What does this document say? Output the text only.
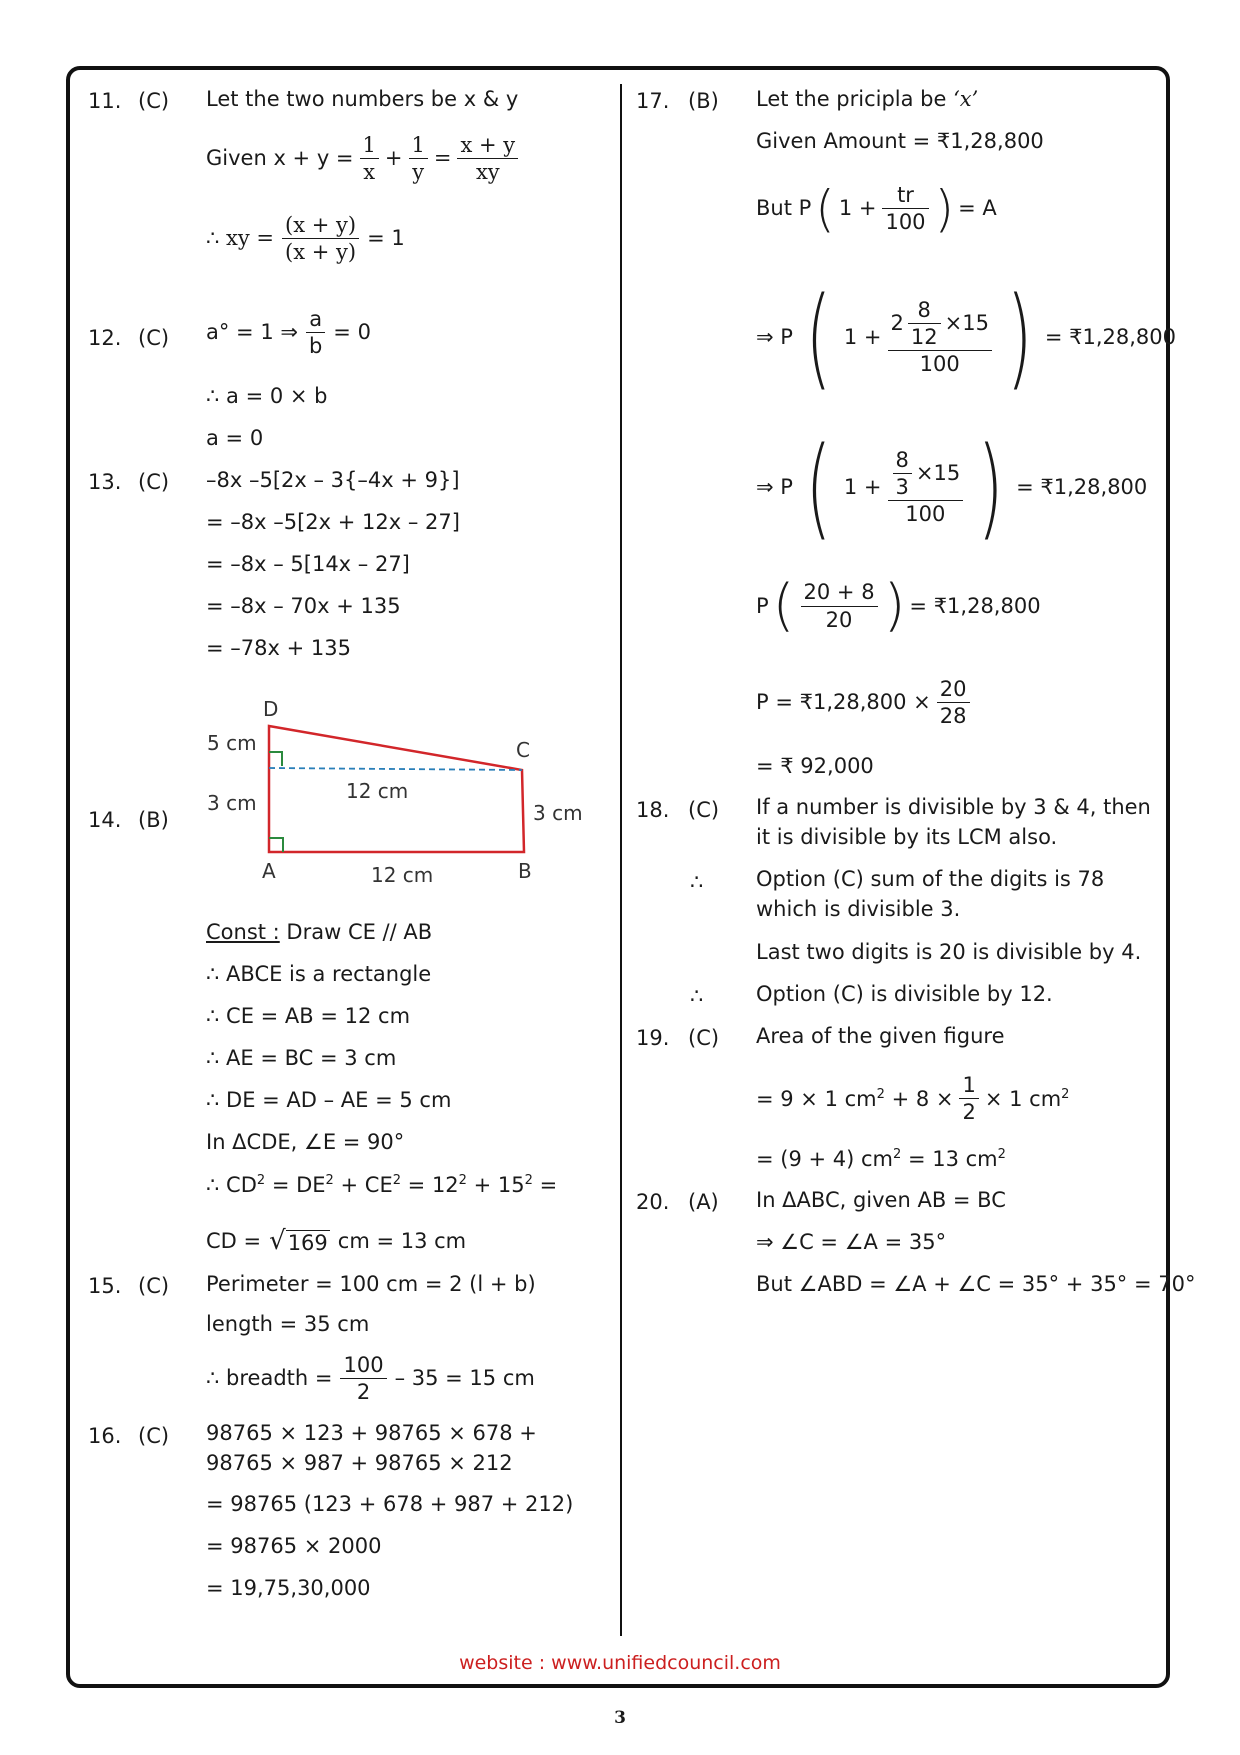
11. (C) Let the two numbers be x & y
Given $x + y = \frac{1}{x} + \frac{1}{y} = \frac{x + y}{xy}$
∴ xy = $\frac{(x + y)}{(x + y)} = 1$
12. (C) a° = 1 ⇒ $\frac{a}{b} = 0$
∴ a = 0 × b
a = 0
13. (C) –8x –5[2x – 3{–4x + 9}]
= –8x –5[2x + 12x – 27]
= –8x – 5[14x – 27]
= –8x – 70x + 135
= –78x + 135
14. (B)
D
C
A	B
5 cm
3 cm	12 cm
12 cm
3 cm
Const : Draw CE // AB
∴ ABCE is a rectangle
∴ CE = AB = 12 cm
∴ AE = BC = 3 cm
∴ DE = AD – AE = 5 cm
In ΔCDE, ∠E = 90°
∴ $CD^2 = DE^2 + CE^2 = 12^2 + 15^2$ =
CD = √ 169 cm = 13 cm
15. (C) Perimeter = 100 cm = 2 (l + b)
length = 35 cm
∴ breadth = $\frac{100}{2} - 35 = 15$ cm
16. (C) 98765 × 123 + 98765 × 678 + 98765 × 987 + 98765 × 212
= 98765 (123 + 678 + 987 + 212)
= 98765 × 2000
= 19,75,30,000
17. (B) Let the pricipla be ‘x’
Given Amount = ₹1,28,800
But P ( $1 + \frac{tr}{100}$ ) = A
⇒ P ( $1 + \frac{2 \frac{8}{12} \times 15}{100}$ ) = ₹1,28,800
⇒ P ( $1 + \frac{\frac{8}{3} \times 15}{100}$ ) = ₹1,28,800
P ( $\frac{20 + 8}{20}$ ) = ₹1,28,800
P = ₹1,28,800 × $\frac{20}{28}$
= ₹ 92,000
18. (C) If a number is divisible by 3 & 4, then it is divisible by its LCM also.
∴	Option (C) sum of the digits is 78 which is divisible 3.
Last two digits is 20 is divisible by 4.
∴	Option (C) is divisible by 12.
19. (C) Area of the given figure
= 9 × 1 $cm^2 + 8 \times \frac{1}{2} \times 1$ $cm^2$
= (9 + 4) $cm^2 = 13$ $cm^2$
20. (A) In ΔABC, given AB = BC
⇒ ∠C = ∠A = 35°
But ∠ABD = ∠A + ∠C = 35° + 35° = 70°
website : www.unifiedcouncil.com
3
